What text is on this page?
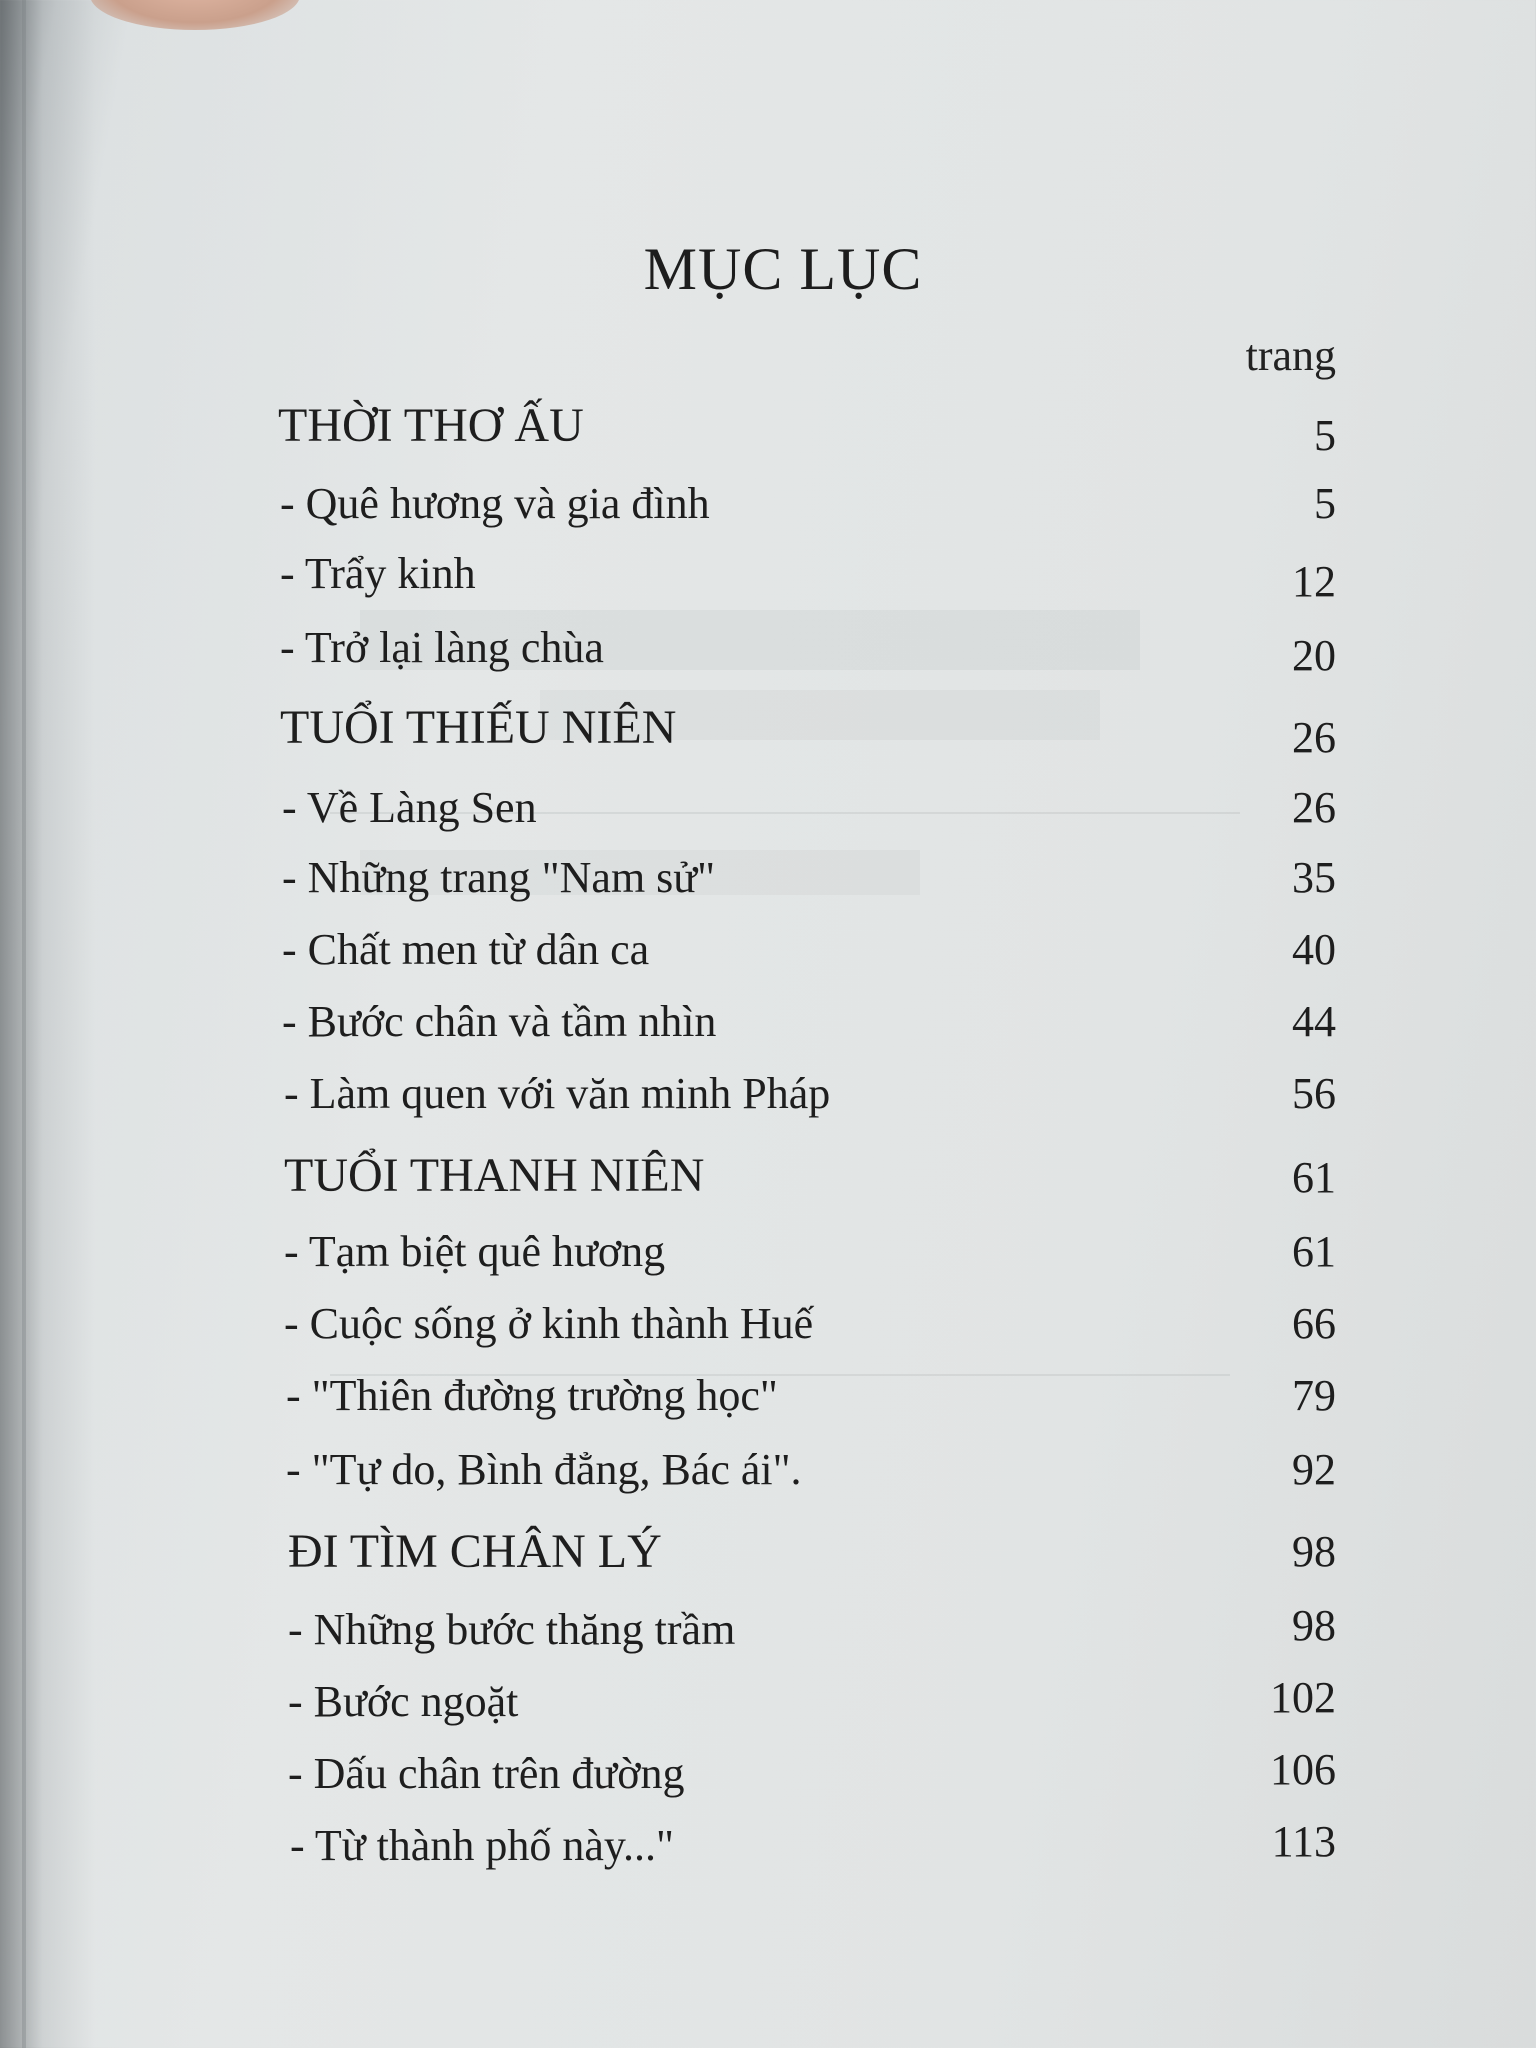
MỤC LỤC
trang
THỜI THƠ ẤU	5
- Quê hương và gia đình	5
- Trẩy kinh	12
- Trở lại làng chùa	20
TUỔI THIẾU NIÊN	26
- Về Làng Sen	26
- Những trang "Nam sử"	35
- Chất men từ dân ca	40
- Bước chân và tầm nhìn	44
- Làm quen với văn minh Pháp	56
TUỔI THANH NIÊN	61
- Tạm biệt quê hương	61
- Cuộc sống ở kinh thành Huế	66
- "Thiên đường trường học"	79
- "Tự do, Bình đẳng, Bác ái".	92
ĐI TÌM CHÂN LÝ	98
- Những bước thăng trầm	98
- Bước ngoặt	102
- Dấu chân trên đường	106
- Từ thành phố này..."	113
